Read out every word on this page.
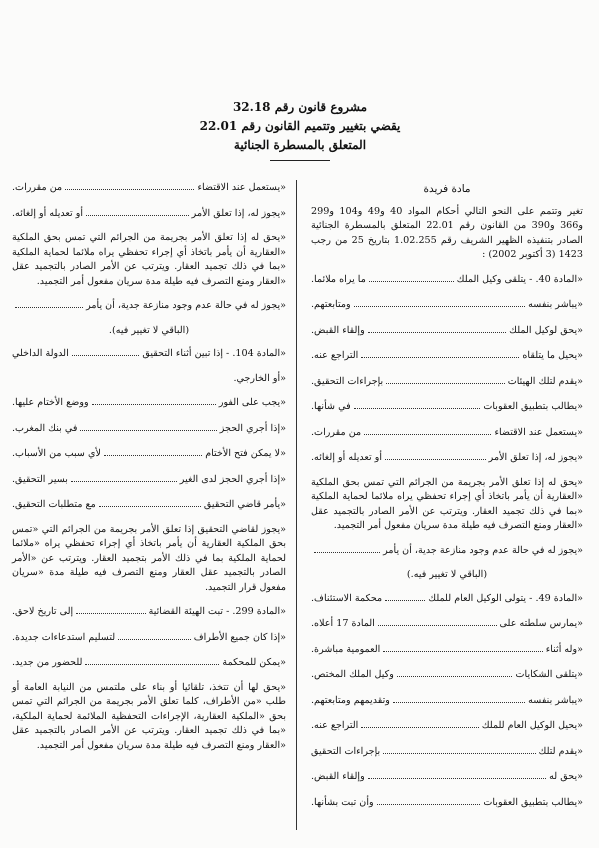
مشروع قانون رقم 32.18
يقضي بتغيير وتتميم القانون رقم 22.01
المتعلق بالمسطرة الجنائية
مادة فريدة
تغير وتتمم على النحو التالي أحكام المواد 40 و49 و104 و299 و366 و390 من القانون رقم 22.01 المتعلق بالمسطرة الجنائية الصادر بتنفيذه الظهير الشريف رقم 1.02.255 بتاريخ 25 من رجب 1423 (3 أكتوبر 2002) :
«المادة 40. - يتلقى وكيل الملك
ما يراه ملائما.
«يباشر بنفسه
ومتابعتهم.
«يحق لوكيل الملك
وإلقاء القبض.
«يحيل ما يتلقاه
التراجع عنه.
«يقدم لتلك الهيئات
بإجراءات التحقيق.
«يطالب بتطبيق العقوبات
في شأنها.
«يستعمل عند الاقتضاء
من مقررات.
«يجوز له، إذا تعلق الأمر
أو تعديله أو إلغائه.
«يحق له إذا تعلق الأمر بجريمة من الجرائم التي تمس بحق الملكية «العقارية أن يأمر باتخاذ أي إجراء تحفظي يراه ملائما لحماية الملكية «بما في ذلك تجميد العقار. ويترتب عن الأمر الصادر بالتجميد عقل «العقار ومنع التصرف فيه طيلة مدة سريان مفعول أمر التجميد.
«يجوز له في حالة عدم وجود منازعة جدية، أن يأمر
(الباقي لا تغيير فيه.)
«المادة 49. - يتولى الوكيل العام للملك
محكمة الاستئناف.
«يمارس سلطته على
المادة 17 أعلاه.
«وله أثناء
العمومية مباشرة.
«يتلقى الشكايات
وكيل الملك المختص.
«يباشر بنفسه
وتقديمهم ومتابعتهم.
«يحيل الوكيل العام للملك
التراجع عنه.
«يقدم لتلك
بإجراءات التحقيق
«يحق له
وإلقاء القبض.
«يطالب بتطبيق العقوبات
وأن تبت بشأنها.
«يستعمل عند الاقتضاء
من مقررات.
«يجوز له، إذا تعلق الأمر
أو تعديله أو إلغائه.
«يحق له إذا تعلق الأمر بجريمة من الجرائم التي تمس بحق الملكية «العقارية أن يأمر باتخاذ أي إجراء تحفظي يراه ملائما لحماية الملكية «بما في ذلك تجميد العقار. ويترتب عن الأمر الصادر بالتجميد عقل «العقار ومنع التصرف فيه طيلة مدة سريان مفعول أمر التجميد.
«يجوز له في حالة عدم وجود منازعة جدية، أن يأمر
(الباقي لا تغيير فيه).
«المادة 104. - إذا تبين أثناء التحقيق
الدولة الداخلي
«أو الخارجي.
«يجب على الفور
ووضع الأختام عليها.
«إذا أجري الحجز
في بنك المغرب.
«لا يمكن فتح الأختام
لأي سبب من الأسباب.
«إذا أجري الحجز لدى الغير
بسير التحقيق.
«يأمر قاضي التحقيق
مع متطلبات التحقيق.
«يجوز لقاضي التحقيق إذا تعلق الأمر بجريمة من الجرائم التي «تمس بحق الملكية العقارية أن يأمر باتخاذ أي إجراء تحفظي يراه «ملائما لحماية الملكية بما في ذلك الأمر بتجميد العقار. ويترتب عن «الأمر الصادر بالتجميد عقل العقار ومنع التصرف فيه طيلة مدة «سريان مفعول قرار التجميد.
«المادة 299. - تبت الهيئة القضائية
إلى تاريخ لاحق.
«إذا كان جميع الأطراف
لتسليم استدعاءات جديدة.
«يمكن للمحكمة
للحضور من جديد.
«يحق لها أن تتخذ، تلقائيا أو بناء على ملتمس من النيابة العامة أو طلب «من الأطراف، كلما تعلق الأمر بجريمة من الجرائم التي تمس بحق «الملكية العقارية، الإجراءات التحفظية الملائمة لحماية الملكية، «بما في ذلك تجميد العقار. ويترتب عن الأمر الصادر بالتجميد عقل «العقار ومنع التصرف فيه طيلة مدة سريان مفعول أمر التجميد.
